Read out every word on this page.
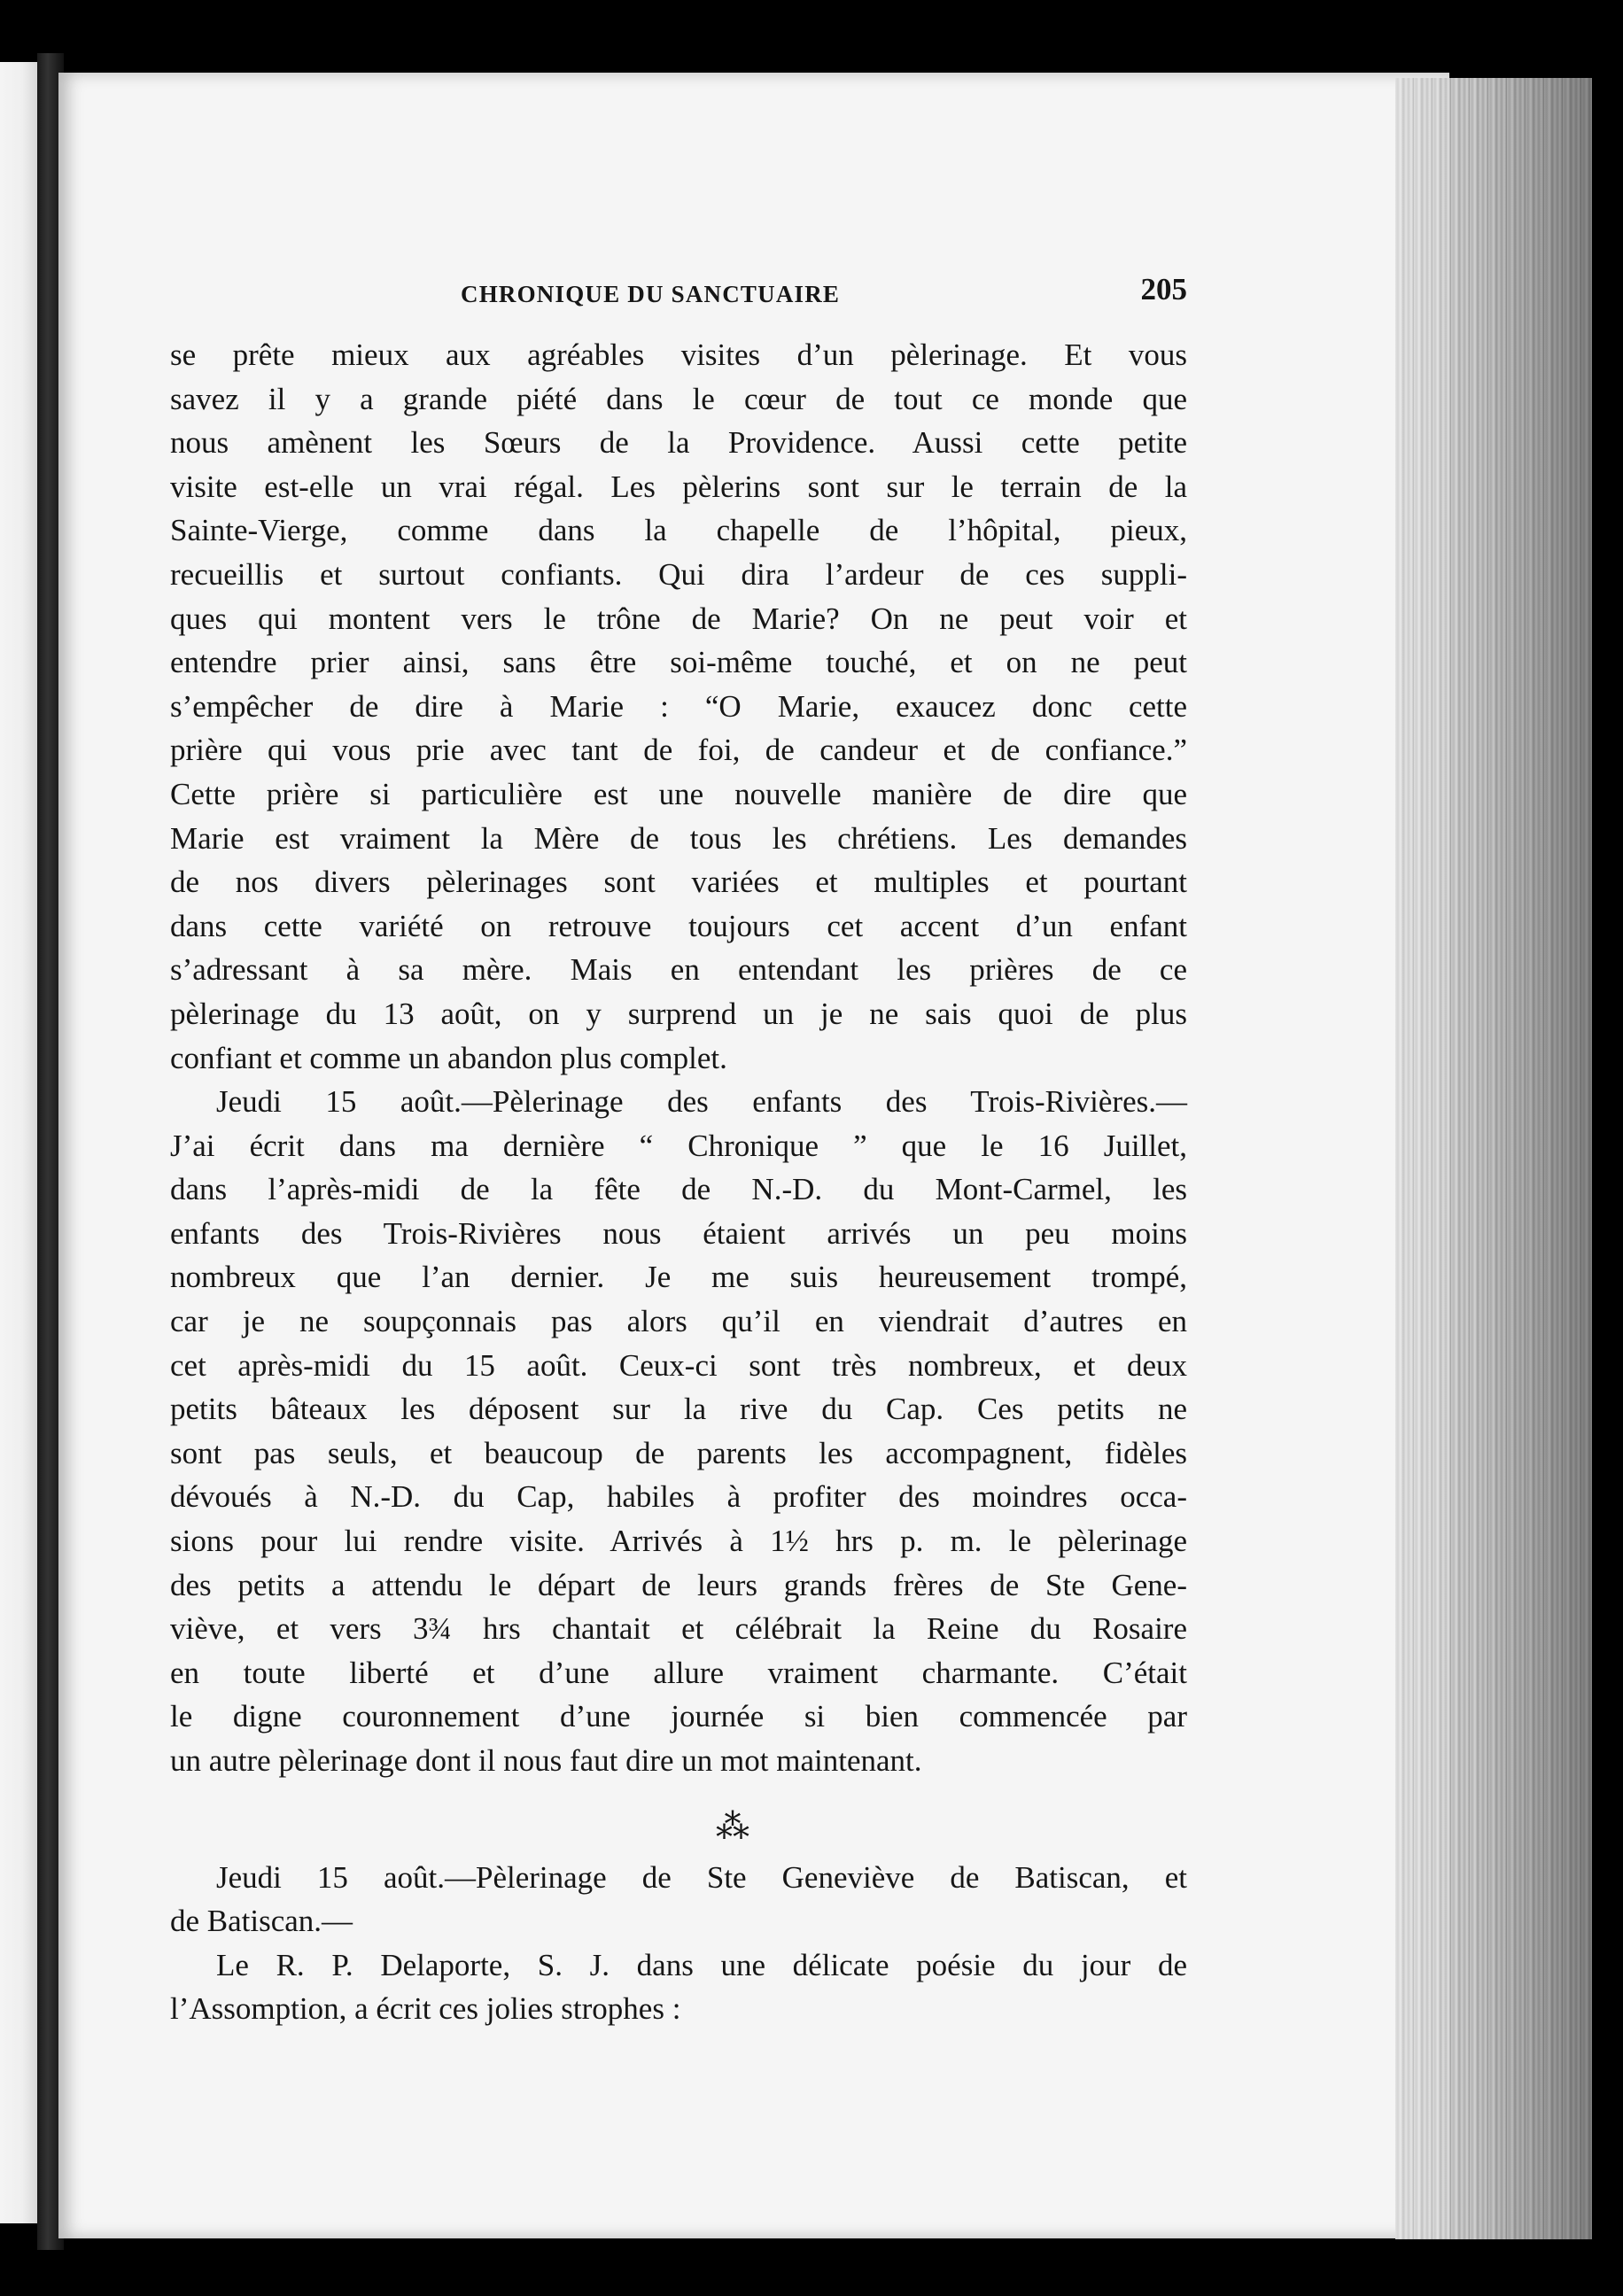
CHRONIQUE DU SANCTUAIRE	205
se prête mieux aux agréables visites d’un pèlerinage. Et vous
savez il y a grande piété dans le cœur de tout ce monde que
nous amènent les Sœurs de la Providence. Aussi cette petite
visite est-elle un vrai régal. Les pèlerins sont sur le terrain de la
Sainte-Vierge, comme dans la chapelle de l’hôpital, pieux,
recueillis et surtout confiants. Qui dira l’ardeur de ces suppli-
ques qui montent vers le trône de Marie? On ne peut voir et
entendre prier ainsi, sans être soi-même touché, et on ne peut
s’empêcher de dire à Marie : “O Marie, exaucez donc cette
prière qui vous prie avec tant de foi, de candeur et de confiance.”
Cette prière si particulière est une nouvelle manière de dire que
Marie est vraiment la Mère de tous les chrétiens. Les demandes
de nos divers pèlerinages sont variées et multiples et pourtant
dans cette variété on retrouve toujours cet accent d’un enfant
s’adressant à sa mère. Mais en entendant les prières de ce
pèlerinage du 13 août, on y surprend un je ne sais quoi de plus
confiant et comme un abandon plus complet.
Jeudi 15 août.—Pèlerinage des enfants des Trois-Rivières.—
J’ai écrit dans ma dernière “ Chronique ” que le 16 Juillet,
dans l’après-midi de la fête de N.-D. du Mont-Carmel, les
enfants des Trois-Rivières nous étaient arrivés un peu moins
nombreux que l’an dernier. Je me suis heureusement trompé,
car je ne soupçonnais pas alors qu’il en viendrait d’autres en
cet après-midi du 15 août. Ceux-ci sont très nombreux, et deux
petits bâteaux les déposent sur la rive du Cap. Ces petits ne
sont pas seuls, et beaucoup de parents les accompagnent, fidèles
dévoués à N.-D. du Cap, habiles à profiter des moindres occa-
sions pour lui rendre visite. Arrivés à 1½ hrs p. m. le pèlerinage
des petits a attendu le départ de leurs grands frères de Ste Gene-
viève, et vers 3¾ hrs chantait et célébrait la Reine du Rosaire
en toute liberté et d’une allure vraiment charmante. C’était
le digne couronnement d’une journée si bien commencée par
un autre pèlerinage dont il nous faut dire un mot maintenant.
⁂
Jeudi 15 août.—Pèlerinage de Ste Geneviève de Batiscan, et
de Batiscan.—
Le R. P. Delaporte, S. J. dans une délicate poésie du jour de
l’Assomption, a écrit ces jolies strophes :
